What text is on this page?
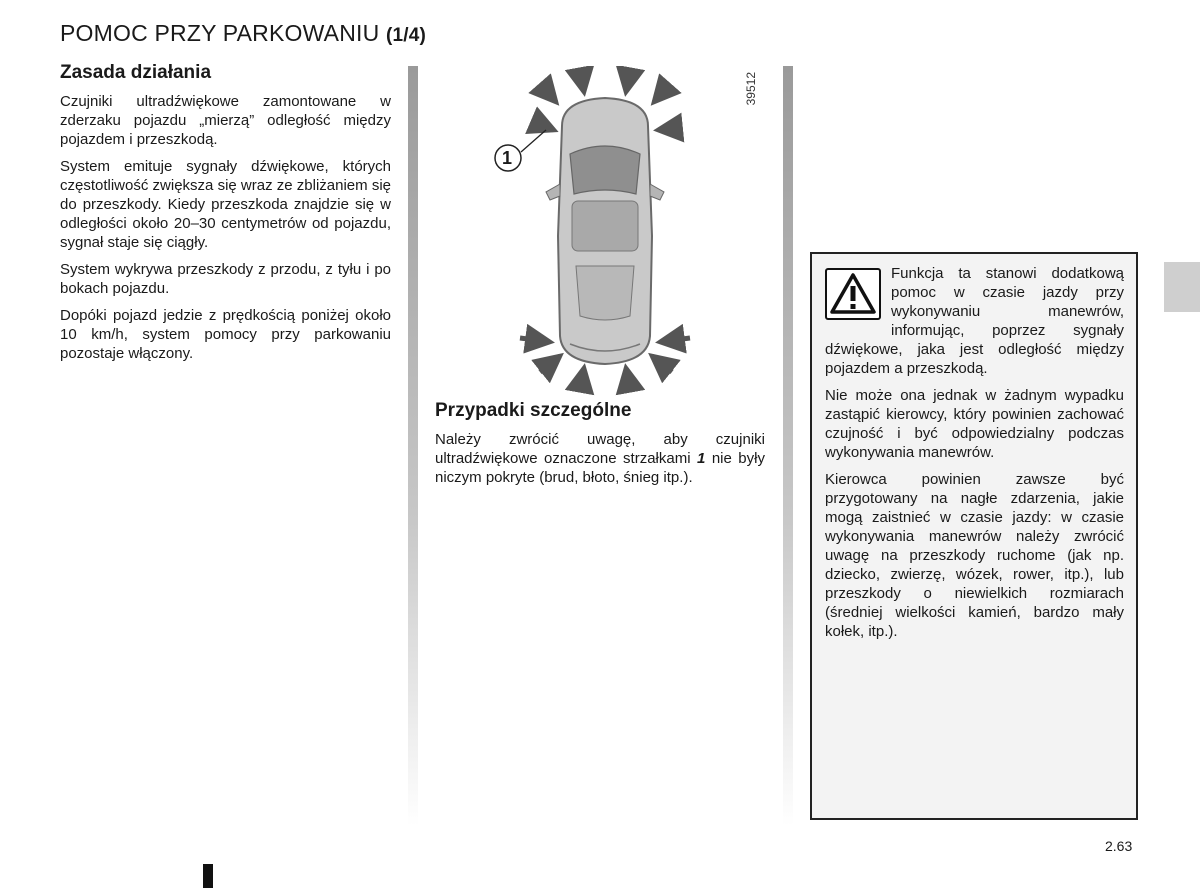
POMOC PRZY PARKOWANIU (1/4)
Zasada działania

Czujniki ultradźwiękowe zamontowane w zderzaku pojazdu „mierzą” odległość między pojazdem i przeszkodą.

System emituje sygnały dźwiękowe, których częstotliwość zwiększa się wraz ze zbliżaniem się do przeszkody. Kiedy przeszkoda znajdzie się w odległości około 20–30 centymetrów od pojazdu, sygnał staje się ciągły.

System wykrywa przeszkody z przodu, z tyłu i po bokach pojazdu.

Dopóki pojazd jedzie z prędkością poniżej około 10 km/h, system pomocy przy parkowaniu pozostaje włączony.

1
39512
Przypadki szczególne

Należy zwrócić uwagę, aby czujniki ultradźwiękowe oznaczone strzałkami 1 nie były niczym pokryte (brud, błoto, śnieg itp.).

Funkcja ta stanowi dodatkową pomoc w czasie jazdy przy wykonywaniu manewrów, informując, poprzez sygnały dźwiękowe, jaka jest odległość między pojazdem a przeszkodą.

Nie może ona jednak w żadnym wypadku zastąpić kierowcy, który powinien zachować czujność i być odpowiedzialny podczas wykonywania manewrów.

Kierowca powinien zawsze być przygotowany na nagłe zdarzenia, jakie mogą zaistnieć w czasie jazdy: w czasie wykonywania manewrów należy zwrócić uwagę na przeszkody ruchome (jak np. dziecko, zwierzę, wózek, rower, itp.), lub przeszkody o niewielkich rozmiarach (średniej wielkości kamień, bardzo mały kołek, itp.).

2.63
